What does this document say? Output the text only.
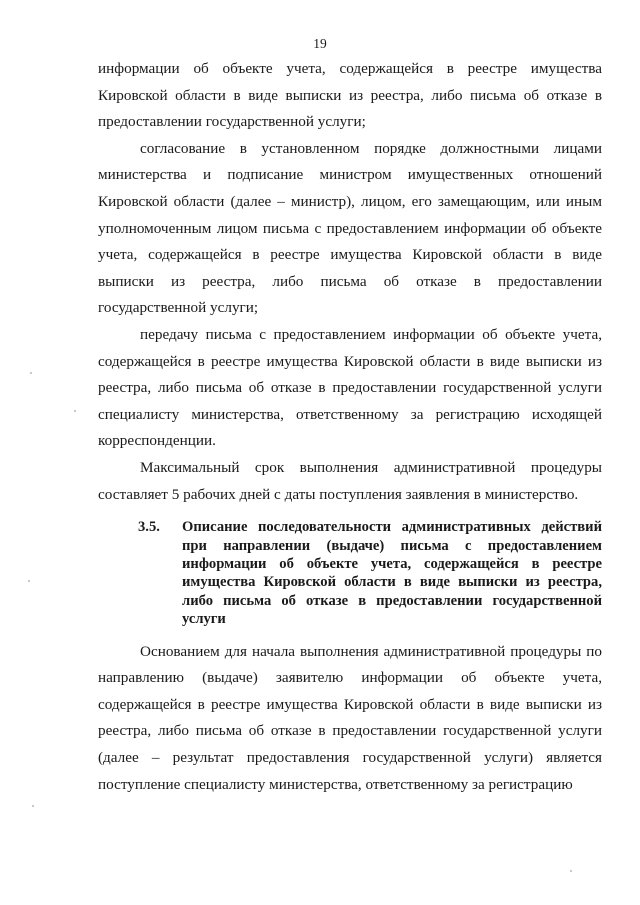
19

информации об объекте учета, содержащейся в реестре имущества Кировской области в виде выписки из реестра, либо письма об отказе в предоставлении государственной услуги;

согласование в установленном порядке должностными лицами министерства и подписание министром имущественных отношений Кировской области (далее – министр), лицом, его замещающим, или иным уполномоченным лицом письма с предоставлением информации об объекте учета, содержащейся в реестре имущества Кировской области в виде выписки из реестра, либо письма об отказе в предоставлении государственной услуги;

передачу письма с предоставлением информации об объекте учета, содержащейся в реестре имущества Кировской области в виде выписки из реестра, либо письма об отказе в предоставлении государственной услуги специалисту министерства, ответственному за регистрацию исходящей корреспонденции.

Максимальный срок выполнения административной процедуры составляет 5 рабочих дней с даты поступления заявления в министерство.

3.5.	Описание последовательности административных действий при направлении (выдаче) письма с предоставлением информации об объекте учета, содержащейся в реестре имущества Кировской области в виде выписки из реестра, либо письма об отказе в предоставлении государственной услуги

Основанием для начала выполнения административной процедуры по направлению (выдаче) заявителю информации об объекте учета, содержащейся в реестре имущества Кировской области в виде выписки из реестра, либо письма об отказе в предоставлении государственной услуги (далее – результат предоставления государственной услуги) является поступление специалисту министерства, ответственному за регистрацию
